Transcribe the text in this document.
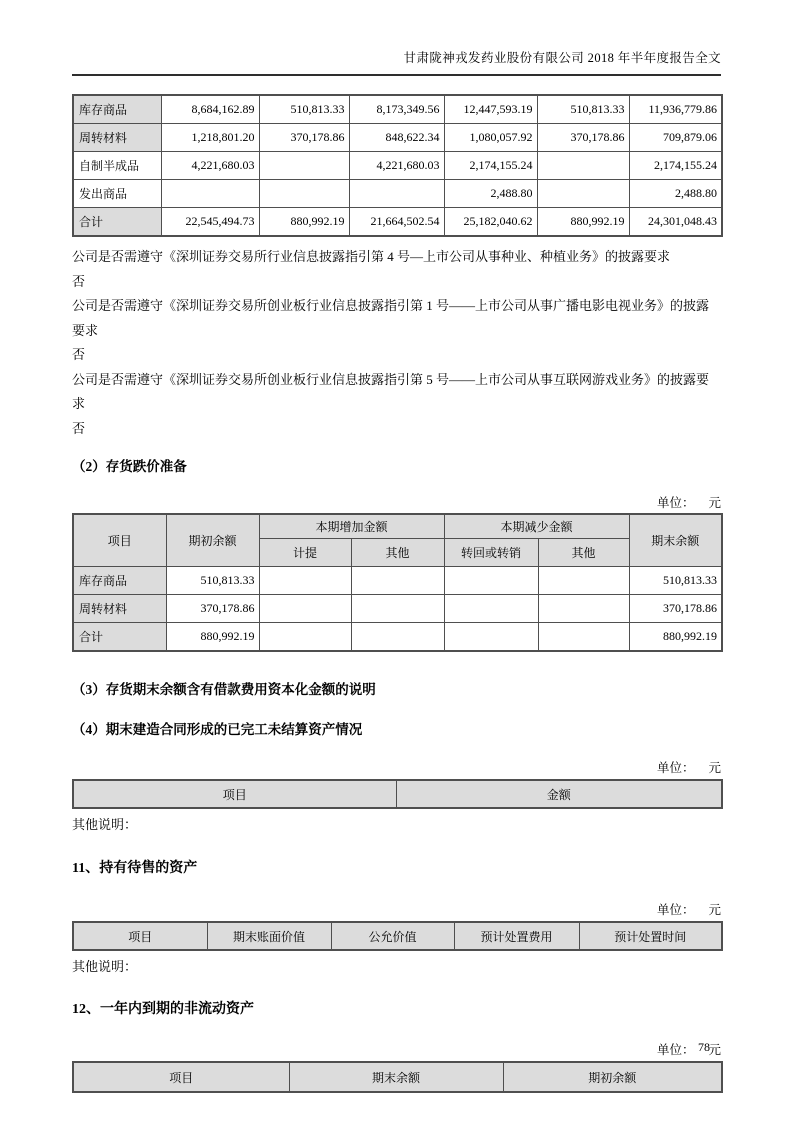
甘肃陇神戎发药业股份有限公司 2018 年半年度报告全文
库存商品	8,684,162.89	510,813.33	8,173,349.56	12,447,593.19	510,813.33	11,936,779.86
周转材料	1,218,801.20	370,178.86	848,622.34	1,080,057.92	370,178.86	709,879.06
自制半成品	4,221,680.03		4,221,680.03	2,174,155.24		2,174,155.24
发出商品				2,488.80		2,488.80
合计	22,545,494.73	880,992.19	21,664,502.54	25,182,040.62	880,992.19	24,301,048.43

公司是否需遵守《深圳证券交易所行业信息披露指引第 4 号—上市公司从事种业、种植业务》的披露要求

否

公司是否需遵守《深圳证券交易所创业板行业信息披露指引第 1 号——上市公司从事广播电影电视业务》的披露要求

否

公司是否需遵守《深圳证券交易所创业板行业信息披露指引第 5 号——上市公司从事互联网游戏业务》的披露要求

否

（2）存货跌价准备
单位： 元
项目	期初余额	本期增加金额		本期减少金额		期末余额
		计提	其他	转回或转销	其他	
库存商品	510,813.33					510,813.33
周转材料	370,178.86					370,178.86
合计	880,992.19					880,992.19
（3）存货期末余额含有借款费用资本化金额的说明
（4）期末建造合同形成的已完工未结算资产情况
单位： 元
项目	金额
其他说明：
11、持有待售的资产
单位： 元
项目	期末账面价值	公允价值	预计处置费用	预计处置时间
其他说明：
12、一年内到期的非流动资产
单位： 元
项目	期末余额	期初余额
78
